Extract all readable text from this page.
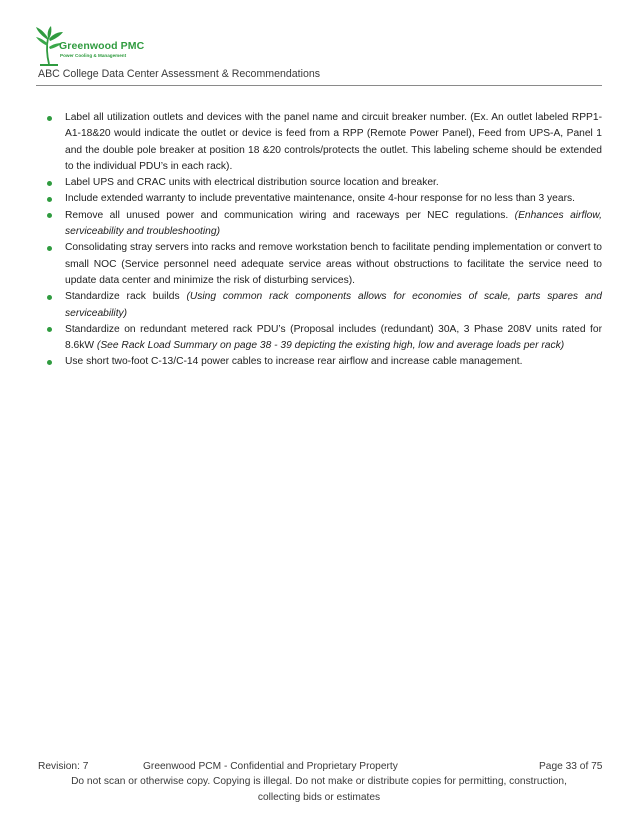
Greenwood PMC
Power Cooling & Management
ABC College Data Center Assessment & Recommendations
Label all utilization outlets and devices with the panel name and circuit breaker number. (Ex. An outlet labeled RPP1-A1-18&20 would indicate the outlet or device is feed from a RPP (Remote Power Panel), Feed from UPS-A, Panel 1 and the double pole breaker at position 18 &20 controls/protects the outlet. This labeling scheme should be extended to the individual PDU’s in each rack).
Label UPS and CRAC units with electrical distribution source location and breaker.
Include extended warranty to include preventative maintenance, onsite 4-hour response for no less than 3 years.
Remove all unused power and communication wiring and raceways per NEC regulations. (Enhances airflow, serviceability and troubleshooting)
Consolidating stray servers into racks and remove workstation bench to facilitate pending implementation or convert to small NOC (Service personnel need adequate service areas without obstructions to facilitate the service need to update data center and minimize the risk of disturbing services).
Standardize rack builds (Using common rack components allows for economies of scale, parts spares and serviceability)
Standardize on redundant metered rack PDU’s (Proposal includes (redundant) 30A, 3 Phase 208V units rated for 8.6kW (See Rack Load Summary on page 38 - 39 depicting the existing high, low and average loads per rack)
Use short two-foot C-13/C-14 power cables to increase rear airflow and increase cable management.
Revision: 7	Greenwood PCM - Confidential and Proprietary Property	Page 33 of 75
Do not scan or otherwise copy. Copying is illegal. Do not make or distribute copies for permitting, construction,
collecting bids or estimates
